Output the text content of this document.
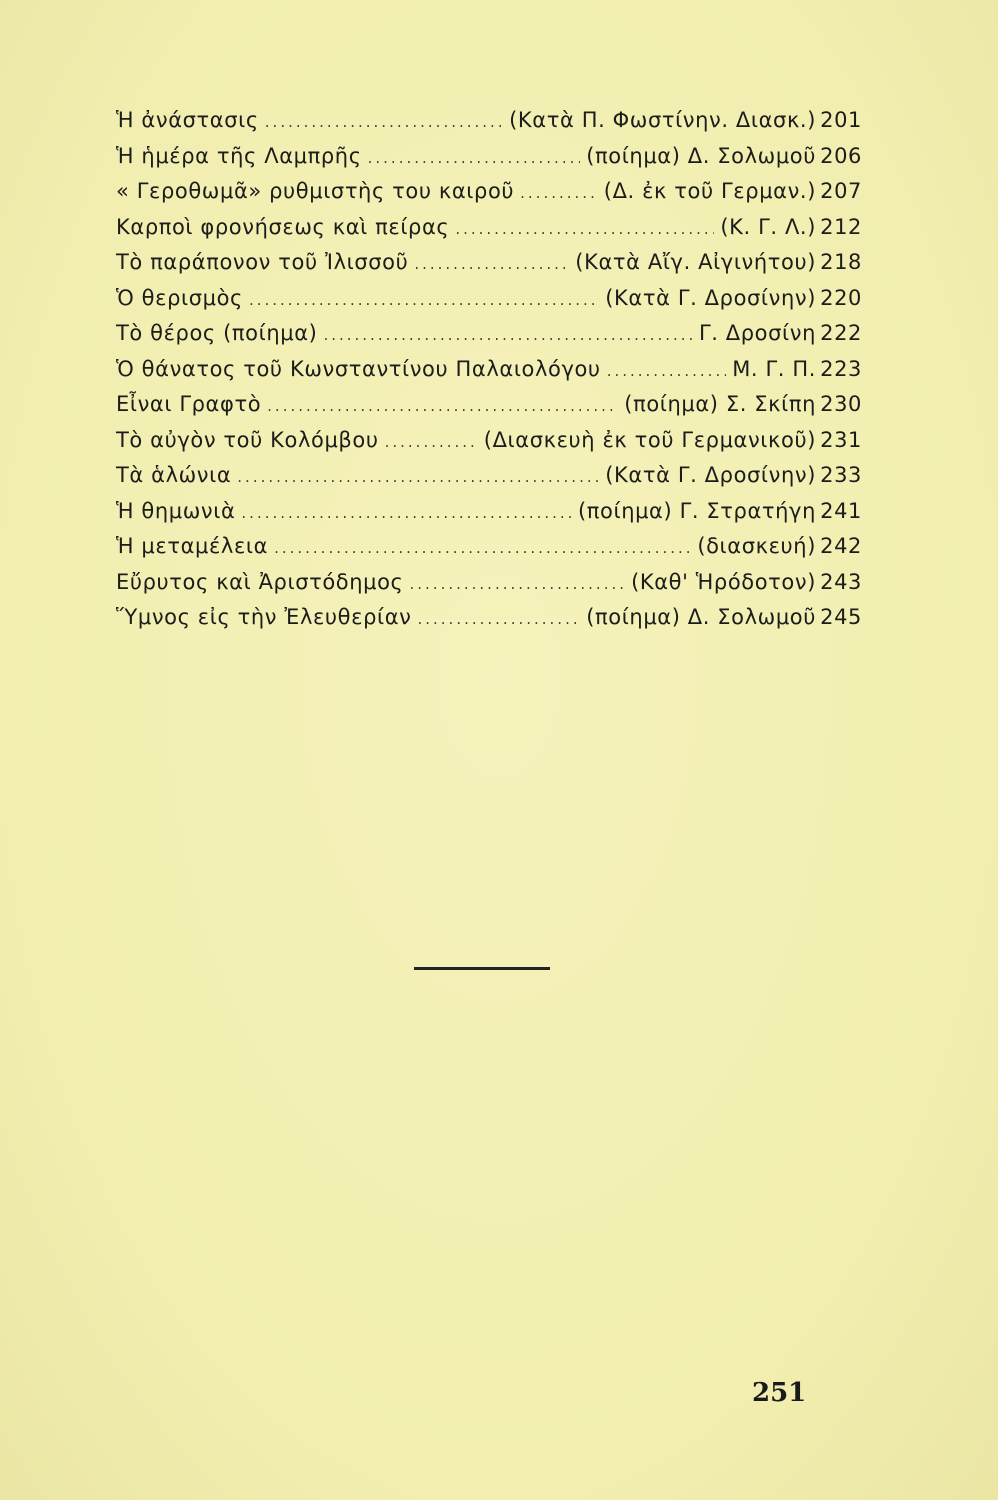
Ἡ ἀνάστασις .....	(Κατὰ Π. Φωστίνην. Διασκ.) 201
Ἡ ἡμέρα τῆς Λαμπρῆς .....	(ποίημα) Δ. Σολωμοῦ 206
« Γεροθωμᾶ» ρυθμιστὴς του καιροῦ .....	(Δ. ἐκ τοῦ Γερμαν.) 207
Καρποὶ φρονήσεως καὶ πείρας .....	(Κ. Γ. Λ.) 212
Τὸ παράπονον τοῦ Ἰλισσοῦ .....	(Κατὰ Αἴγ. Αἰγινήτου) 218
Ὁ θερισμὸς .....	(Κατὰ Γ. Δροσίνην) 220
Τὸ θέρος (ποίημα) .....	Γ. Δροσίνη 222
Ὁ θάνατος τοῦ Κωνσταντίνου Παλαιολόγου .....	Μ. Γ. Π. 223
Εἶναι Γραφτὸ .....	(ποίημα) Σ. Σκίπη 230
Τὸ αὐγὸν τοῦ Κολόμβου .....	(Διασκευὴ ἐκ τοῦ Γερμανικοῦ) 231
Τὰ ἁλώνια .....	(Κατὰ Γ. Δροσίνην) 233
Ἡ θημωνιὰ .....	(ποίημα) Γ. Στρατήγη 241
Ἡ μεταμέλεια .....	(διασκευή) 242
Εὔρυτος καὶ Ἀριστόδημος .....	(Καθ' Ἡρόδοτον) 243
Ὕμνος εἰς τὴν Ἐλευθερίαν .....	(ποίημα) Δ. Σολωμοῦ 245
251
